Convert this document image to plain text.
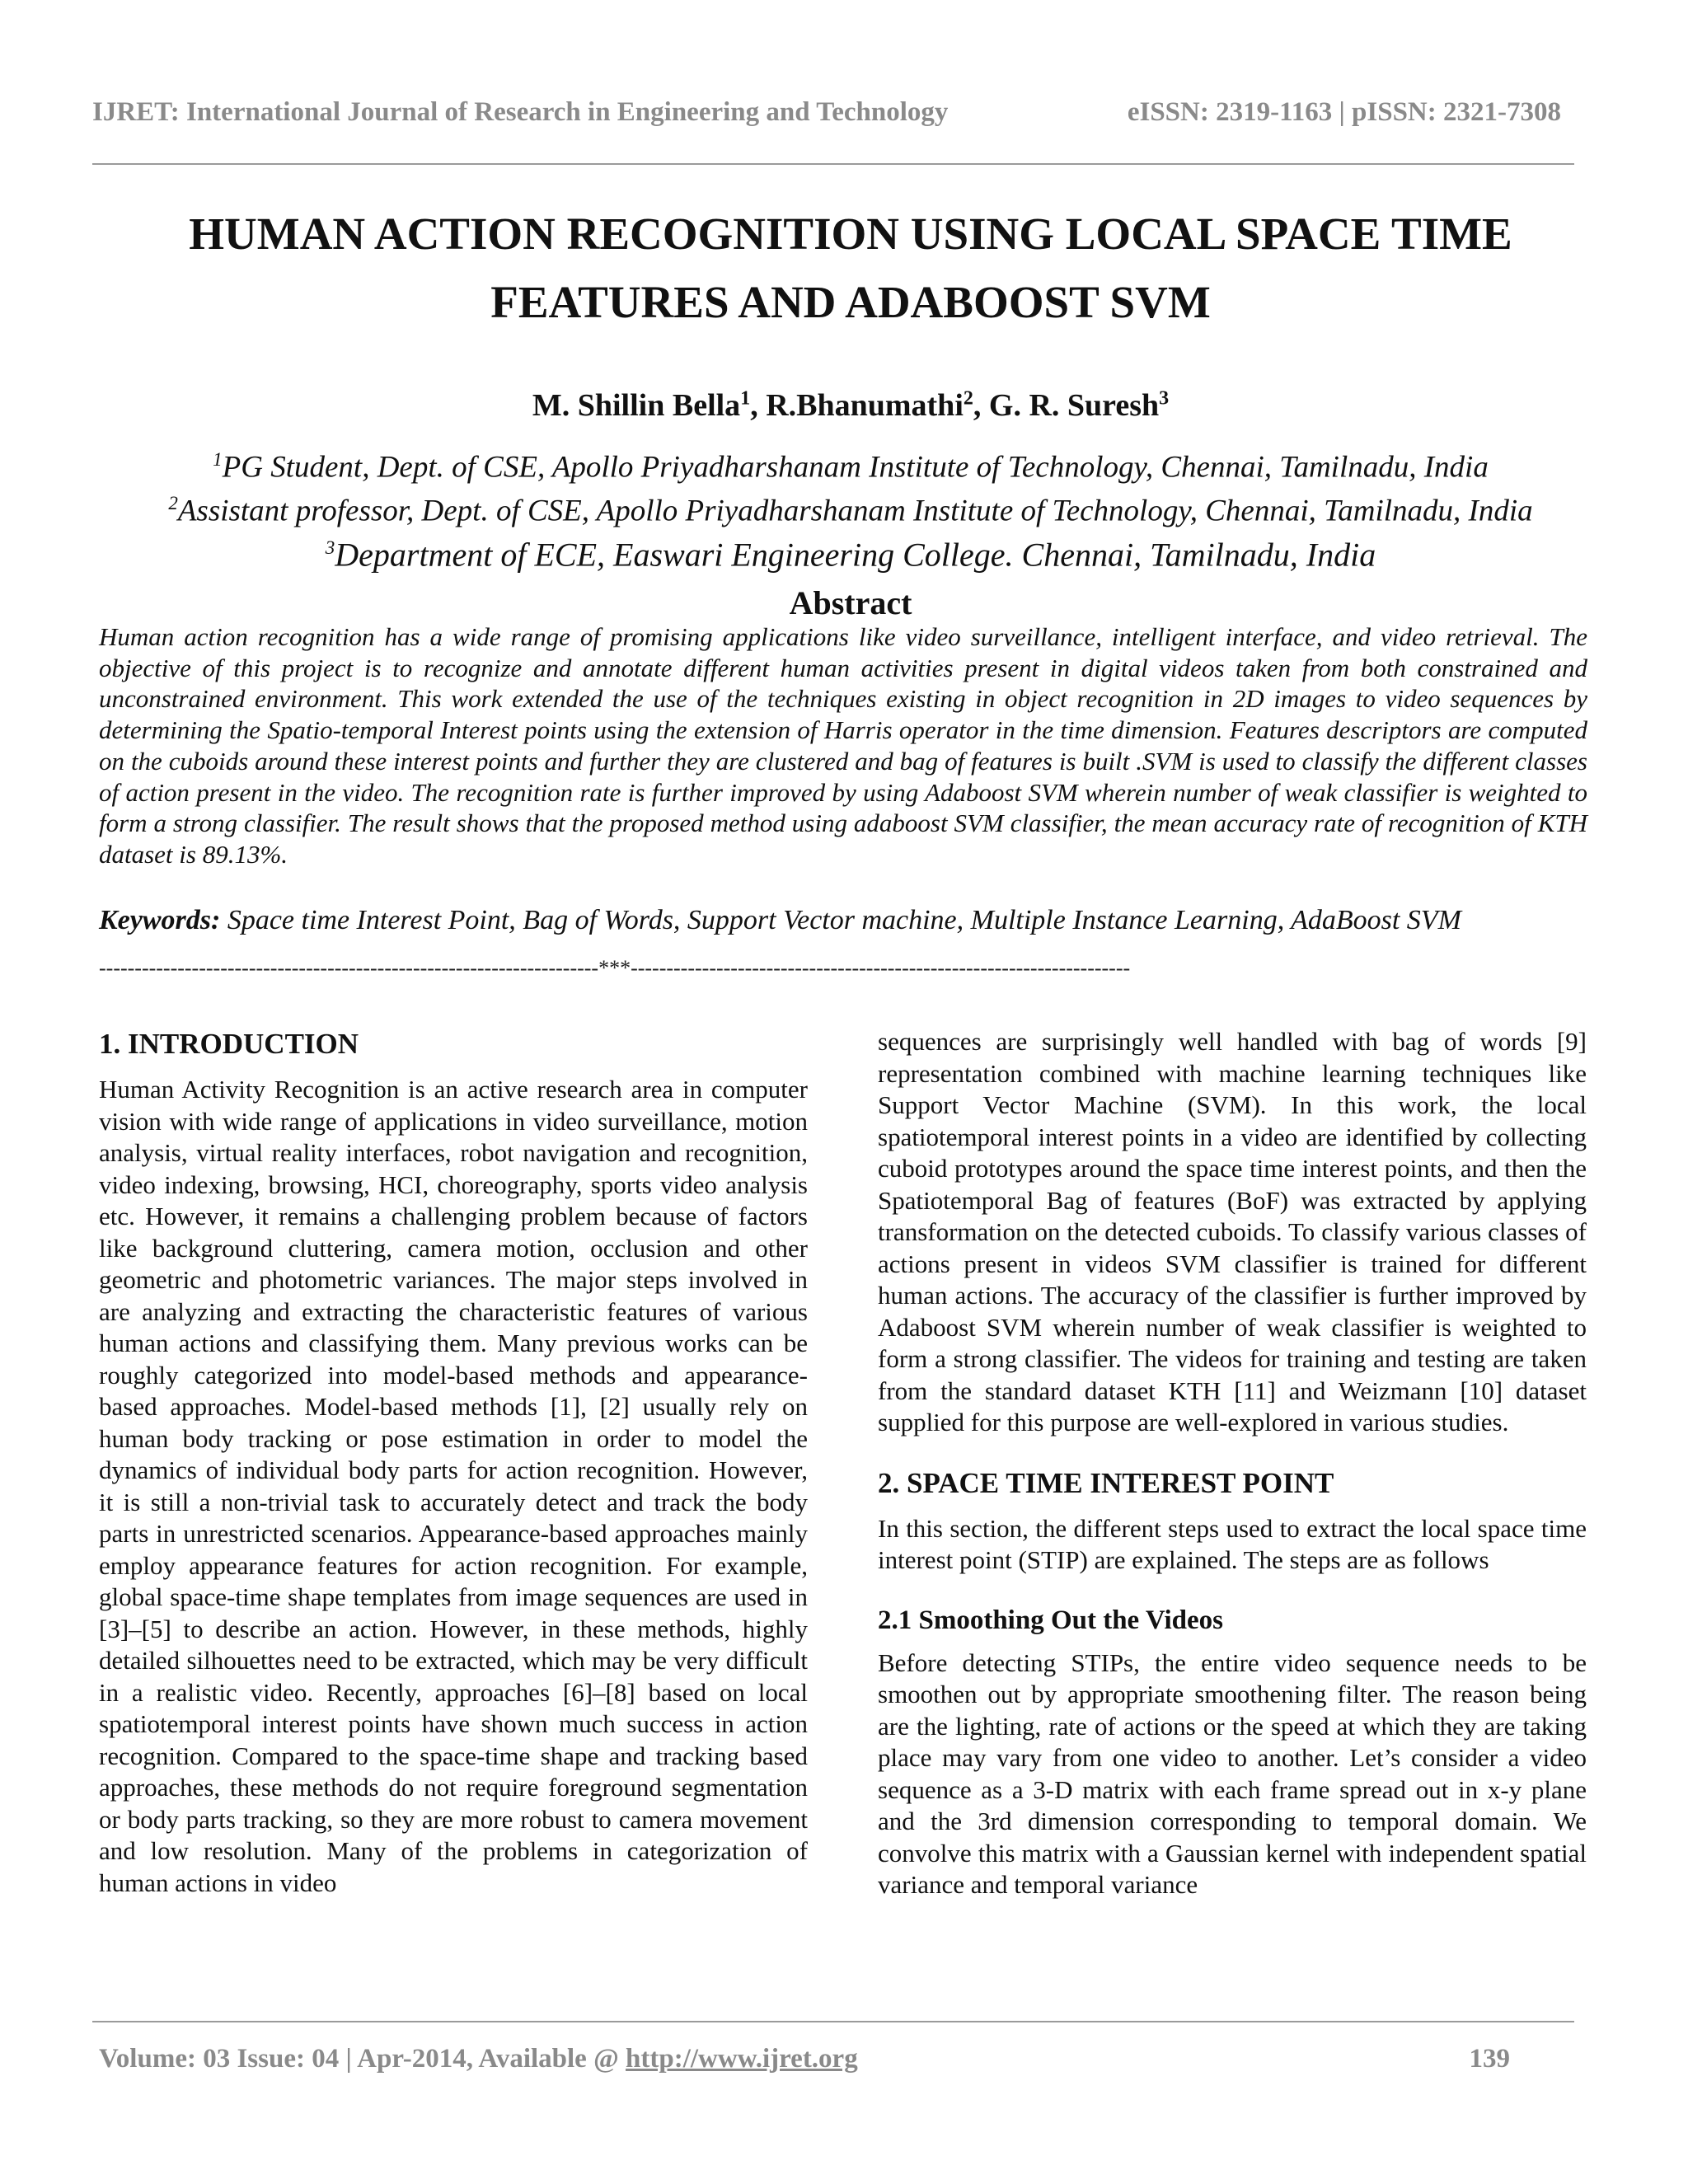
IJRET: International Journal of Research in Engineering and Technology	eISSN: 2319-1163 | pISSN: 2321-7308
HUMAN ACTION RECOGNITION USING LOCAL SPACE TIME
FEATURES AND ADABOOST SVM
M. Shillin Bella$^1$, R.Bhanumathi$^2$, G. R. Suresh$^3$
$^1$PG Student, Dept. of CSE, Apollo Priyadharshanam Institute of Technology, Chennai, Tamilnadu, India
$^2$Assistant professor, Dept. of CSE, Apollo Priyadharshanam Institute of Technology, Chennai, Tamilnadu, India
$^3$Department of ECE, Easwari Engineering College. Chennai, Tamilnadu, India
Abstract
Human action recognition has a wide range of promising applications like video surveillance, intelligent interface, and video retrieval. The objective of this project is to recognize and annotate different human activities present in digital videos taken from both constrained and unconstrained environment. This work extended the use of the techniques existing in object recognition in 2D images to video sequences by determining the Spatio-temporal Interest points using the extension of Harris operator in the time dimension. Features descriptors are computed on the cuboids around these interest points and further they are clustered and bag of features is built .SVM is used to classify the different classes of action present in the video. The recognition rate is further improved by using Adaboost SVM wherein number of weak classifier is weighted to form a strong classifier. The result shows that the proposed method using adaboost SVM classifier, the mean accuracy rate of recognition of KTH dataset is 89.13%.
Keywords: Space time Interest Point, Bag of Words, Support Vector machine, Multiple Instance Learning, AdaBoost SVM
----------------------------------------------------------------------***----------------------------------------------------------------------
1. INTRODUCTION

Human Activity Recognition is an active research area in computer vision with wide range of applications in video surveillance, motion analysis, virtual reality interfaces, robot navigation and recognition, video indexing, browsing, HCI, choreography, sports video analysis etc. However, it remains a challenging problem because of factors like background cluttering, camera motion, occlusion and other geometric and photometric variances. The major steps involved in are analyzing and extracting the characteristic features of various human actions and classifying them. Many previous works can be roughly categorized into model-based methods and appearance-based approaches. Model-based methods [1], [2] usually rely on human body tracking or pose estimation in order to model the dynamics of individual body parts for action recognition. However, it is still a non-trivial task to accurately detect and track the body parts in unrestricted scenarios. Appearance-based approaches mainly employ appearance features for action recognition. For example, global space-time shape templates from image sequences are used in [3]–[5] to describe an action. However, in these methods, highly detailed silhouettes need to be extracted, which may be very difficult in a realistic video. Recently, approaches [6]–[8] based on local spatiotemporal interest points have shown much success in action recognition. Compared to the space-time shape and tracking based approaches, these methods do not require foreground segmentation or body parts tracking, so they are more robust to camera movement and low resolution. Many of the problems in categorization of human actions in video

sequences are surprisingly well handled with bag of words [9] representation combined with machine learning techniques like Support Vector Machine (SVM). In this work, the local spatiotemporal interest points in a video are identified by collecting cuboid prototypes around the space time interest points, and then the Spatiotemporal Bag of features (BoF) was extracted by applying transformation on the detected cuboids. To classify various classes of actions present in videos SVM classifier is trained for different human actions. The accuracy of the classifier is further improved by Adaboost SVM wherein number of weak classifier is weighted to form a strong classifier. The videos for training and testing are taken from the standard dataset KTH [11] and Weizmann [10] dataset supplied for this purpose are well-explored in various studies.

2. SPACE TIME INTEREST POINT

In this section, the different steps used to extract the local space time interest point (STIP) are explained. The steps are as follows

2.1 Smoothing Out the Videos

Before detecting STIPs, the entire video sequence needs to be smoothen out by appropriate smoothening filter. The reason being are the lighting, rate of actions or the speed at which they are taking place may vary from one video to another. Let’s consider a video sequence as a 3-D matrix with each frame spread out in x-y plane and the 3rd dimension corresponding to temporal domain. We convolve this matrix with a Gaussian kernel with independent spatial variance and temporal variance

Volume: 03 Issue: 04 | Apr-2014, Available @ http://www.ijret.org	139
